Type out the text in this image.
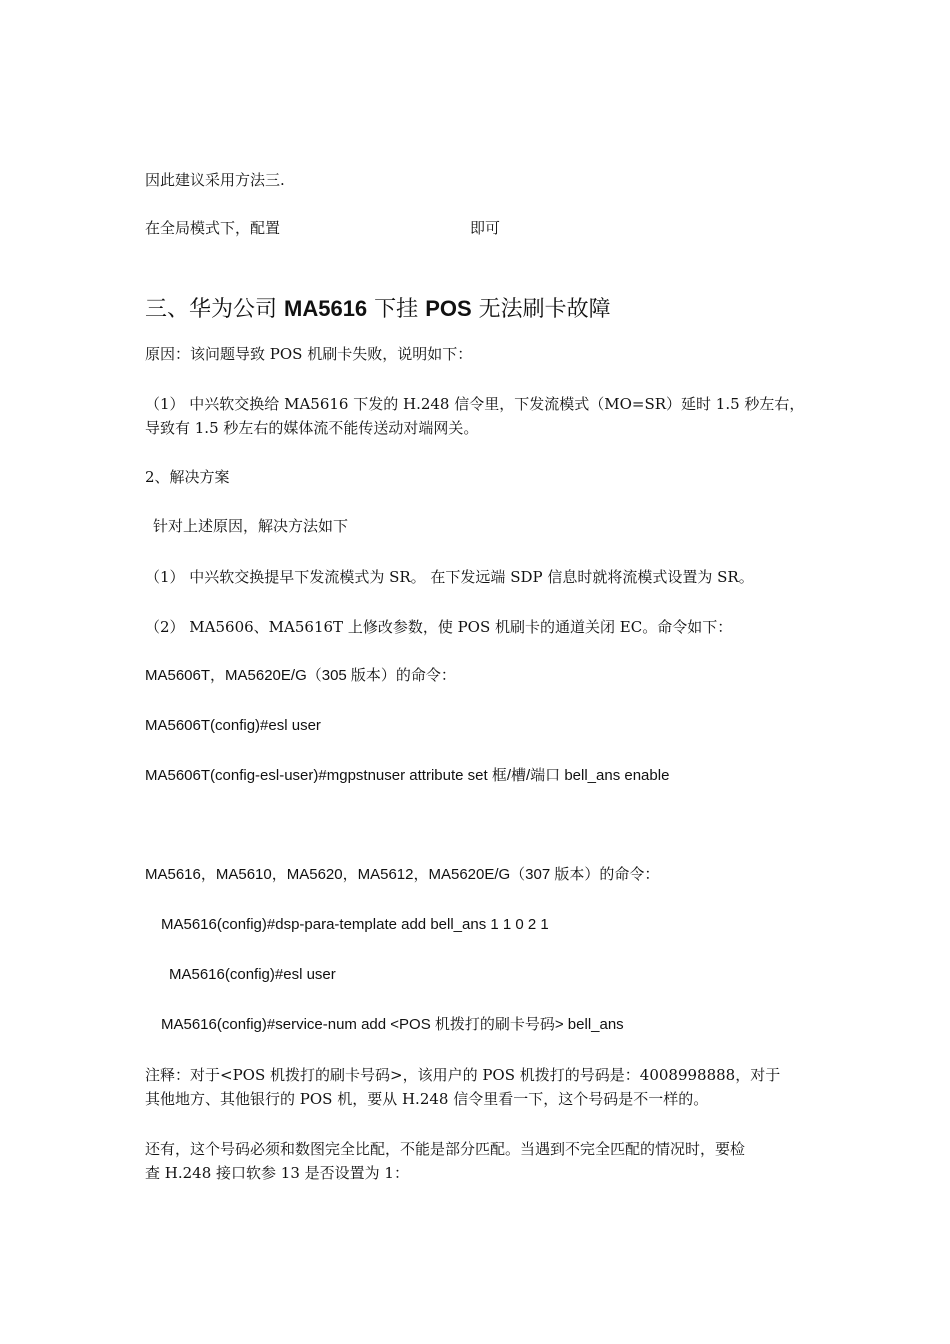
因此建议采用方法三.
在全局模式下，配置	即可
三、华为公司 MA5616 下挂 POS 无法刷卡故障
原因：该问题导致 POS 机刷卡失败，说明如下：
（1） 中兴软交换给 MA5616 下发的 H.248 信令里，下发流模式（MO=SR）延时 1.5 秒左右，
导致有 1.5 秒左右的媒体流不能传送动对端网关。
2、解决方案
针对上述原因，解决方法如下
（1） 中兴软交换提早下发流模式为 SR。 在下发远端 SDP 信息时就将流模式设置为 SR。
（2） MA5606、MA5616T 上修改参数，使 POS 机刷卡的通道关闭 EC。命令如下：
MA5606T，MA5620E/G（305 版本）的命令：
MA5606T(config)#esl user
MA5606T(config-esl-user)#mgpstnuser attribute set 框/槽/端口 bell_ans enable
MA5616，MA5610，MA5620，MA5612，MA5620E/G（307 版本）的命令：
MA5616(config)#dsp-para-template add bell_ans 1 1 0 2 1
MA5616(config)#esl user
MA5616(config)#service-num add <POS 机拨打的刷卡号码> bell_ans
注释：对于<POS 机拨打的刷卡号码>，该用户的 POS 机拨打的号码是：4008998888，对于
其他地方、其他银行的 POS 机，要从 H.248 信令里看一下，这个号码是不一样的。
还有，这个号码必须和数图完全比配，不能是部分匹配。当遇到不完全匹配的情况时，要检
查 H.248 接口软参 13 是否设置为 1：
